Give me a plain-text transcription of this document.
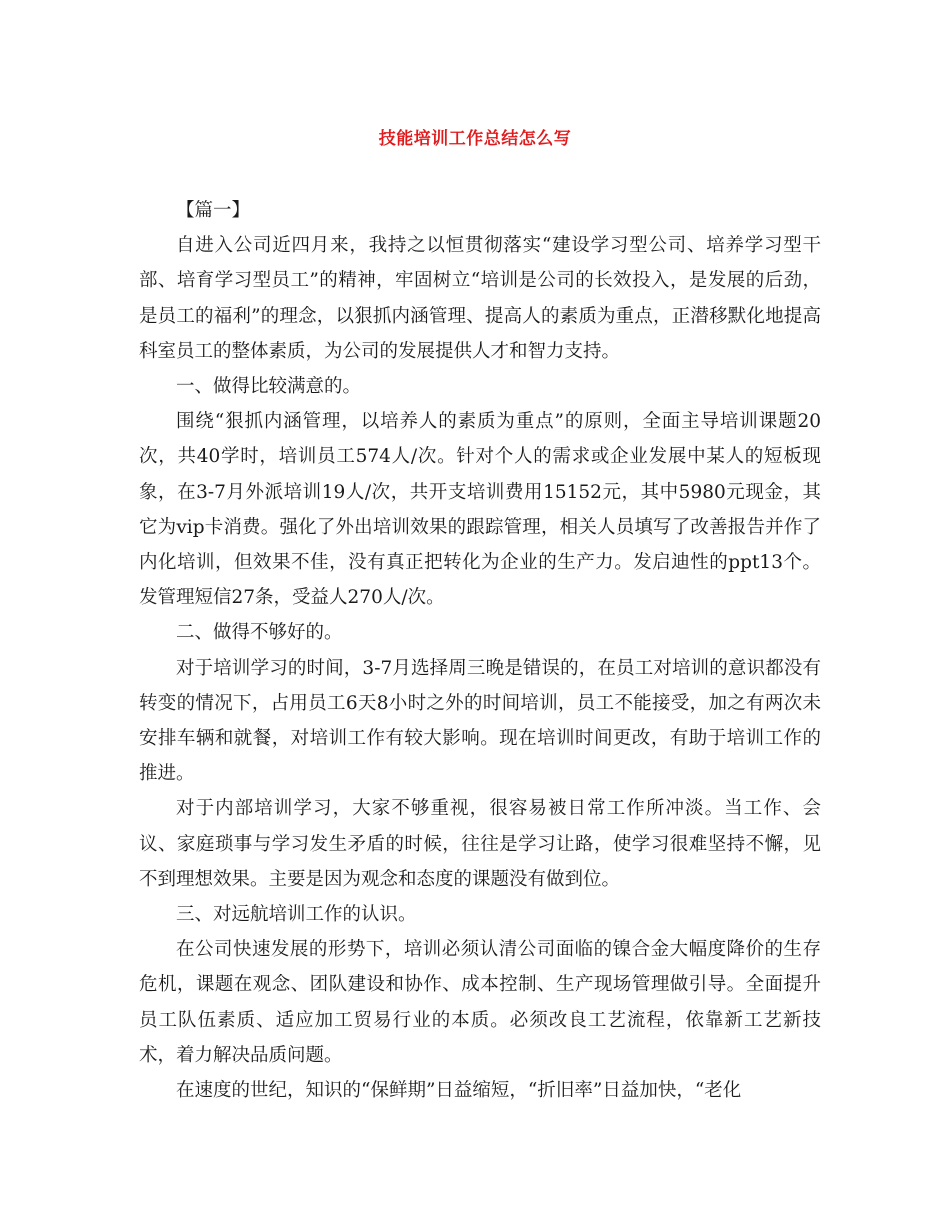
技能培训工作总结怎么写

【篇一】

自进入公司近四月来，我持之以恒贯彻落实“建设学习型公司、培养学习型干部、培育学习型员工”的精神，牢固树立“培训是公司的长效投入，是发展的后劲，是员工的福利”的理念，以狠抓内涵管理、提高人的素质为重点，正潜移默化地提高科室员工的整体素质，为公司的发展提供人才和智力支持。

一、做得比较满意的。

围绕“狠抓内涵管理，以培养人的素质为重点”的原则，全面主导培训课题20次，共40学时，培训员工574人/次。针对个人的需求或企业发展中某人的短板现象，在3-7月外派培训19人/次，共开支培训费用15152元，其中5980元现金，其它为vip卡消费。强化了外出培训效果的跟踪管理，相关人员填写了改善报告并作了内化培训，但效果不佳，没有真正把转化为企业的生产力。发启迪性的ppt13个。发管理短信27条，受益人270人/次。

二、做得不够好的。

对于培训学习的时间，3-7月选择周三晚是错误的，在员工对培训的意识都没有转变的情况下，占用员工6天8小时之外的时间培训，员工不能接受，加之有两次未安排车辆和就餐，对培训工作有较大影响。现在培训时间更改，有助于培训工作的推进。

对于内部培训学习，大家不够重视，很容易被日常工作所冲淡。当工作、会议、家庭琐事与学习发生矛盾的时候，往往是学习让路，使学习很难坚持不懈，见不到理想效果。主要是因为观念和态度的课题没有做到位。

三、对远航培训工作的认识。

在公司快速发展的形势下，培训必须认清公司面临的镍合金大幅度降价的生存危机，课题在观念、团队建设和协作、成本控制、生产现场管理做引导。全面提升员工队伍素质、适应加工贸易行业的本质。必须改良工艺流程，依靠新工艺新技术，着力解决品质问题。

在速度的世纪，知识的“保鲜期”日益缩短，“折旧率”日益加快，“老化
